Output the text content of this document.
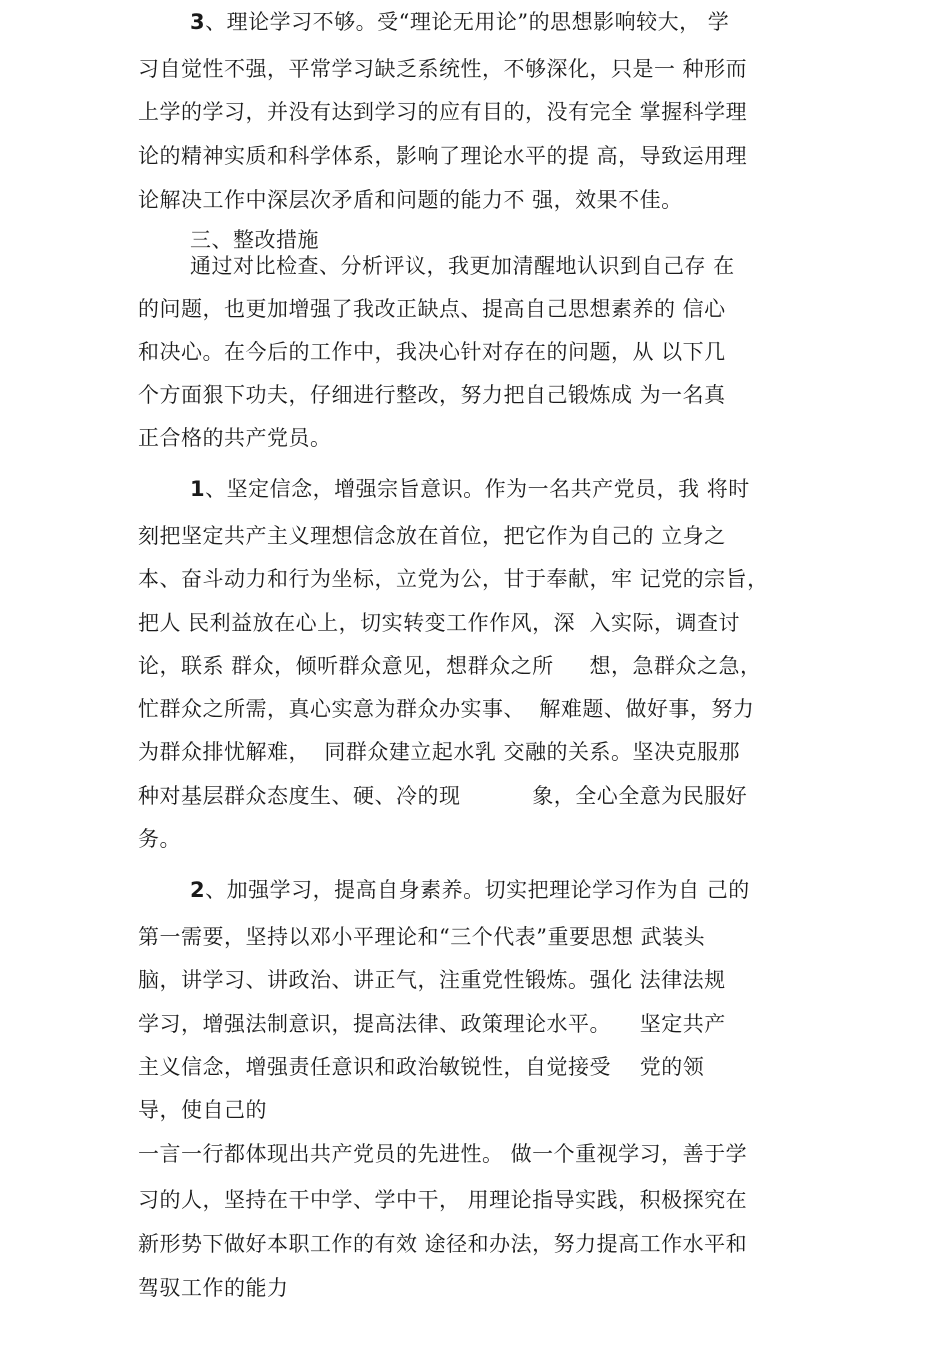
3、理论学习不够。受“理论无用论”的思想影响较大， 学
习自觉性不强，平常学习缺乏系统性，不够深化，只是一 种形而
上学的学习，并没有达到学习的应有目的，没有完全 掌握科学理
论的精神实质和科学体系，影响了理论水平的提 高，导致运用理
论解决工作中深层次矛盾和问题的能力不 强，效果不佳。
三、整改措施
通过对比检查、分析评议，我更加清醒地认识到自己存 在
的问题，也更加增强了我改正缺点、提高自己思想素养的 信心
和决心。在今后的工作中，我决心针对存在的问题，从 以下几
个方面狠下功夫，仔细进行整改，努力把自己锻炼成 为一名真
正合格的共产党员。
1、坚定信念，增强宗旨意识。作为一名共产党员，我 将时
刻把坚定共产主义理想信念放在首位，把它作为自己的 立身之
本、奋斗动力和行为坐标，立党为公，甘于奉献，牢 记党的宗旨，
把人 民利益放在心上，切实转变工作作风，深  入实际，调查讨
论，联系 群众，倾听群众意见，想群众之所     想，急群众之急，
忙群众之所需，真心实意为群众办实事、  解难题、做好事，努力
为群众排忧解难，  同群众建立起水乳 交融的关系。坚决克服那
种对基层群众态度生、硬、冷的现          象，全心全意为民服好
务。
2、加强学习，提高自身素养。切实把理论学习作为自 己的
第一需要，坚持以邓小平理论和“三个代表”重要思想 武装头
脑，讲学习、讲政治、讲正气，注重党性锻炼。强化 法律法规
学习，增强法制意识，提高法律、政策理论水平。    坚定共产
主义信念，增强责任意识和政治敏锐性，自觉接受    党的领
导，使自己的
一言一行都体现出共产党员的先进性。 做一个重视学习，善于学
习的人，坚持在干中学、学中干， 用理论指导实践，积极探究在
新形势下做好本职工作的有效 途径和办法，努力提高工作水平和
驾驭工作的能力
